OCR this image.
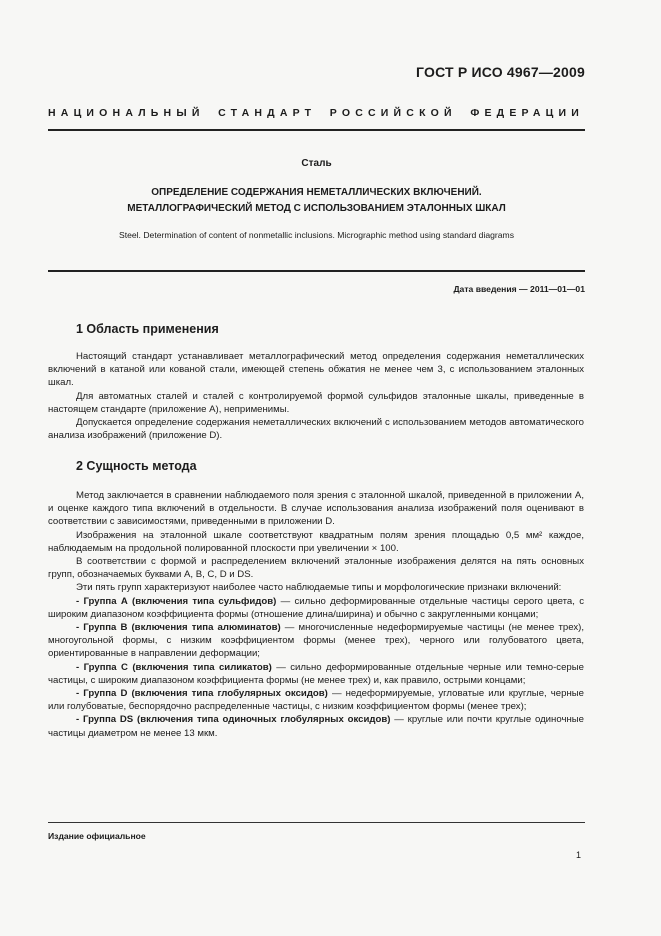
ГОСТ Р ИСО 4967—2009
НАЦИОНАЛЬНЫЙ СТАНДАРТ РОССИЙСКОЙ ФЕДЕРАЦИИ
Сталь
ОПРЕДЕЛЕНИЕ СОДЕРЖАНИЯ НЕМЕТАЛЛИЧЕСКИХ ВКЛЮЧЕНИЙ.
МЕТАЛЛОГРАФИЧЕСКИЙ МЕТОД С ИСПОЛЬЗОВАНИЕМ ЭТАЛОННЫХ ШКАЛ
Steel. Determination of content of nonmetallic inclusions. Micrographic method using standard diagrams
Дата введения — 2011—01—01
1 Область применения

Настоящий стандарт устанавливает металлографический метод определения содержания неметаллических включений в катаной или кованой стали, имеющей степень обжатия не менее чем 3, с использованием эталонных шкал.

Для автоматных сталей и сталей с контролируемой формой сульфидов эталонные шкалы, приведенные в настоящем стандарте (приложение А), неприменимы.

Допускается определение содержания неметаллических включений с использованием методов автоматического анализа изображений (приложение D).

2 Сущность метода

Метод заключается в сравнении наблюдаемого поля зрения с эталонной шкалой, приведенной в приложении А, и оценке каждого типа включений в отдельности. В случае использования анализа изображений поля оценивают в соответствии с зависимостями, приведенными в приложении D.

Изображения на эталонной шкале соответствуют квадратным полям зрения площадью 0,5 мм² каждое, наблюдаемым на продольной полированной плоскости при увеличении × 100.

В соответствии с формой и распределением включений эталонные изображения делятся на пять основных групп, обозначаемых буквами А, В, С, D и DS.

Эти пять групп характеризуют наиболее часто наблюдаемые типы и морфологические признаки включений:

- Группа А (включения типа сульфидов) — сильно деформированные отдельные частицы серого цвета, с широким диапазоном коэффициента формы (отношение длина/ширина) и обычно с закругленными концами;

- Группа В (включения типа алюминатов) — многочисленные недеформируемые частицы (не менее трех), многоугольной формы, с низким коэффициентом формы (менее трех), черного или голубоватого цвета, ориентированные в направлении деформации;

- Группа С (включения типа силикатов) — сильно деформированные отдельные черные или темно-серые частицы, с широким диапазоном коэффициента формы (не менее трех) и, как правило, острыми концами;

- Группа D (включения типа глобулярных оксидов) — недеформируемые, угловатые или круглые, черные или голубоватые, беспорядочно распределенные частицы, с низким коэффициентом формы (менее трех);

- Группа DS (включения типа одиночных глобулярных оксидов) — круглые или почти круглые одиночные частицы диаметром не менее 13 мкм.

Издание официальное
1
